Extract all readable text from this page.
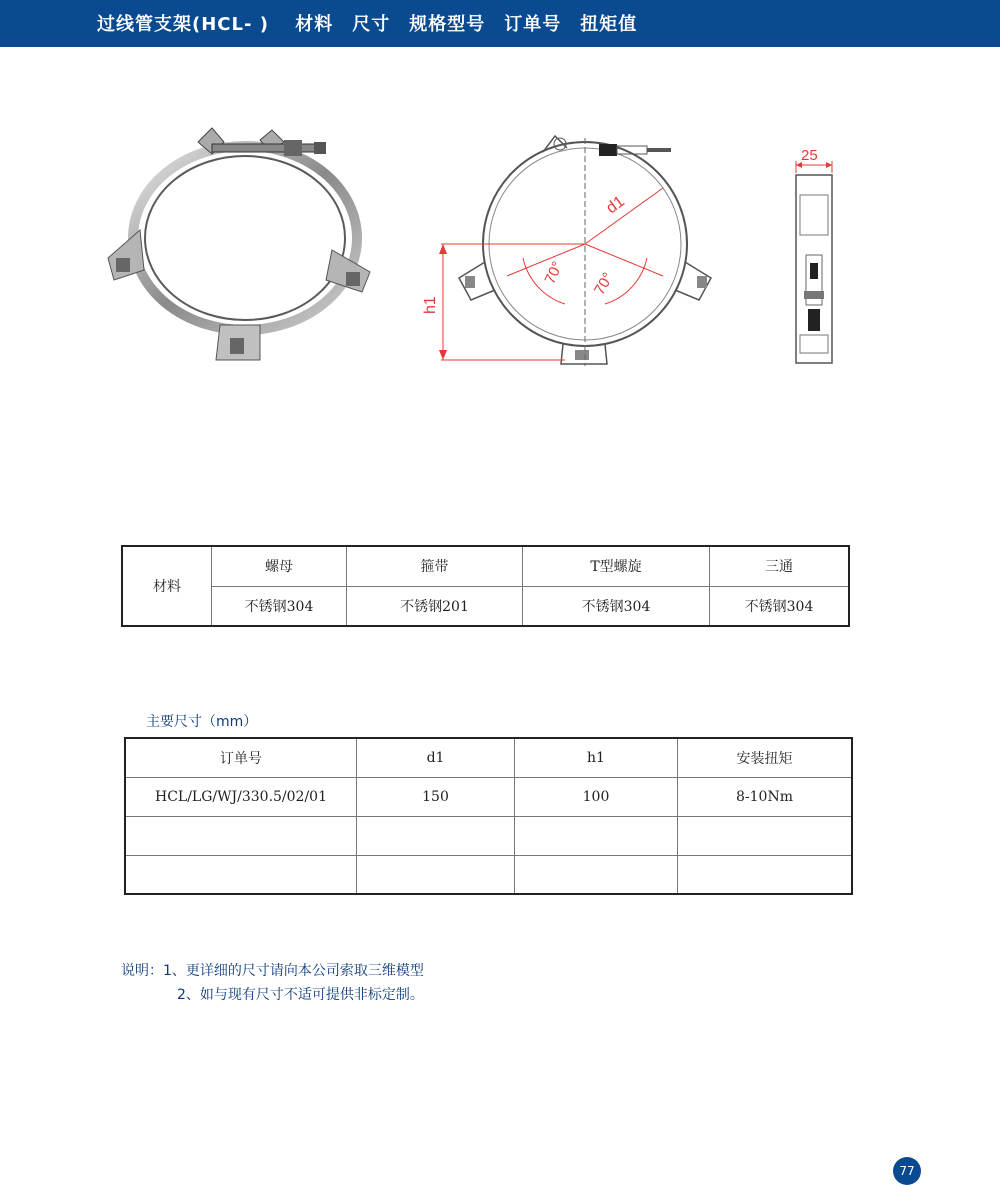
过线管支架(HCL- )　 材料　尺寸　规格型号　订单号　扭矩值
d1
h1
70° 70°
25
材料	螺母	箍带	T型螺旋	三通
	不锈钢304	不锈钢201	不锈钢304	不锈钢304
主要尺寸（mm）
订单号	d1	h1	安装扭矩
HCL/LG/WJ/330.5/02/01	150	100	8-10Nm

说明：1、更详细的尺寸请向本公司索取三维模型
2、如与现有尺寸不适可提供非标定制。
77
